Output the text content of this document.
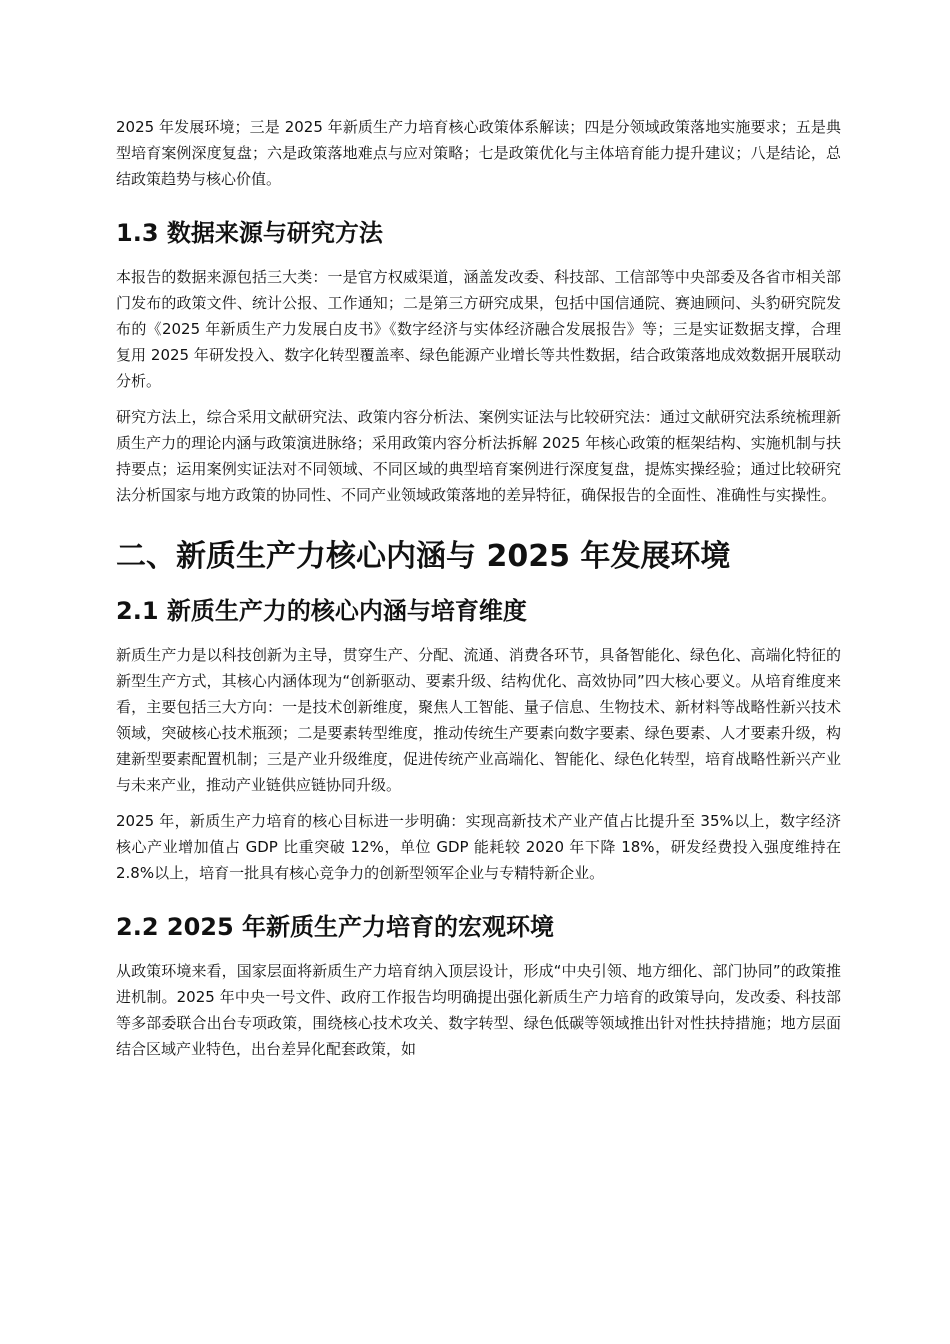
2025 年发展环境；三是 2025 年新质生产力培育核心政策体系解读；四是分领域政策落地实施要求；五是典型培育案例深度复盘；六是政策落地难点与应对策略；七是政策优化与主体培育能力提升建议；八是结论，总结政策趋势与核心价值。

1.3 数据来源与研究方法

本报告的数据来源包括三大类：一是官方权威渠道，涵盖发改委、科技部、工信部等中央部委及各省市相关部门发布的政策文件、统计公报、工作通知；二是第三方研究成果，包括中国信通院、赛迪顾问、头豹研究院发布的《2025 年新质生产力发展白皮书》《数字经济与实体经济融合发展报告》等；三是实证数据支撑，合理复用 2025 年研发投入、数字化转型覆盖率、绿色能源产业增长等共性数据，结合政策落地成效数据开展联动分析。

研究方法上，综合采用文献研究法、政策内容分析法、案例实证法与比较研究法：通过文献研究法系统梳理新质生产力的理论内涵与政策演进脉络；采用政策内容分析法拆解 2025 年核心政策的框架结构、实施机制与扶持要点；运用案例实证法对不同领域、不同区域的典型培育案例进行深度复盘，提炼实操经验；通过比较研究法分析国家与地方政策的协同性、不同产业领域政策落地的差异特征，确保报告的全面性、准确性与实操性。

二、新质生产力核心内涵与 2025 年发展环境
2.1 新质生产力的核心内涵与培育维度

新质生产力是以科技创新为主导，贯穿生产、分配、流通、消费各环节，具备智能化、绿色化、高端化特征的新型生产方式，其核心内涵体现为“创新驱动、要素升级、结构优化、高效协同”四大核心要义。从培育维度来看，主要包括三大方向：一是技术创新维度，聚焦人工智能、量子信息、生物技术、新材料等战略性新兴技术领域，突破核心技术瓶颈；二是要素转型维度，推动传统生产要素向数字要素、绿色要素、人才要素升级，构建新型要素配置机制；三是产业升级维度，促进传统产业高端化、智能化、绿色化转型，培育战略性新兴产业与未来产业，推动产业链供应链协同升级。

2025 年，新质生产力培育的核心目标进一步明确：实现高新技术产业产值占比提升至 35%以上，数字经济核心产业增加值占 GDP 比重突破 12%，单位 GDP 能耗较 2020 年下降 18%，研发经费投入强度维持在 2.8%以上，培育一批具有核心竞争力的创新型领军企业与专精特新企业。

2.2 2025 年新质生产力培育的宏观环境

从政策环境来看，国家层面将新质生产力培育纳入顶层设计，形成“中央引领、地方细化、部门协同”的政策推进机制。2025 年中央一号文件、政府工作报告均明确提出强化新质生产力培育的政策导向，发改委、科技部等多部委联合出台专项政策，围绕核心技术攻关、数字转型、绿色低碳等领域推出针对性扶持措施；地方层面结合区域产业特色，出台差异化配套政策，如
